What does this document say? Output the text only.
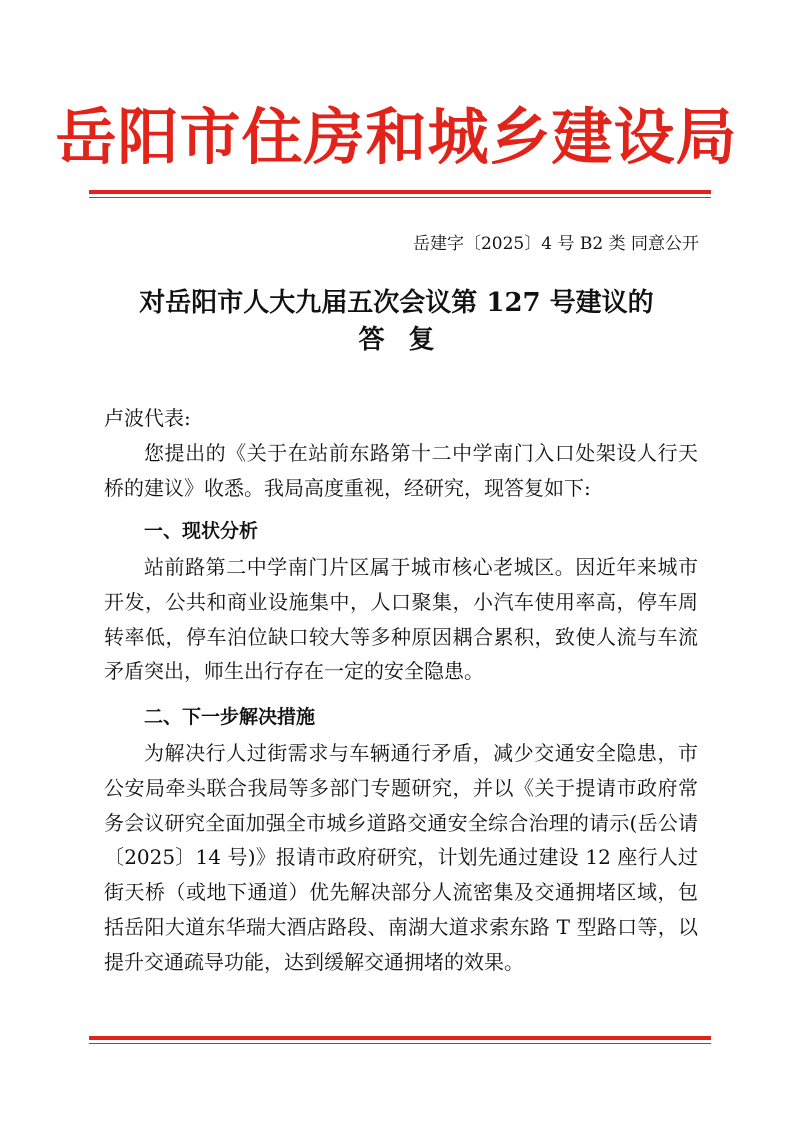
岳阳市住房和城乡建设局
岳建字〔2025〕4 号 B2 类 同意公开
对岳阳市人大九届五次会议第 127 号建议的
答复
卢波代表:
您提出的《关于在站前东路第十二中学南门入口处架设人行天桥的建议》收悉。我局高度重视，经研究，现答复如下:
一、现状分析
站前路第二中学南门片区属于城市核心老城区。因近年来城市开发，公共和商业设施集中，人口聚集，小汽车使用率高，停车周转率低，停车泊位缺口较大等多种原因耦合累积，致使人流与车流矛盾突出，师生出行存在一定的安全隐患。
二、下一步解决措施
为解决行人过街需求与车辆通行矛盾，减少交通安全隐患，市公安局牵头联合我局等多部门专题研究，并以《关于提请市政府常务会议研究全面加强全市城乡道路交通安全综合治理的请示(岳公请〔2025〕14 号)》报请市政府研究，计划先通过建设 12 座行人过街天桥（或地下通道）优先解决部分人流密集及交通拥堵区域，包括岳阳大道东华瑞大酒店路段、南湖大道求索东路 T 型路口等，以提升交通疏导功能，达到缓解交通拥堵的效果。
